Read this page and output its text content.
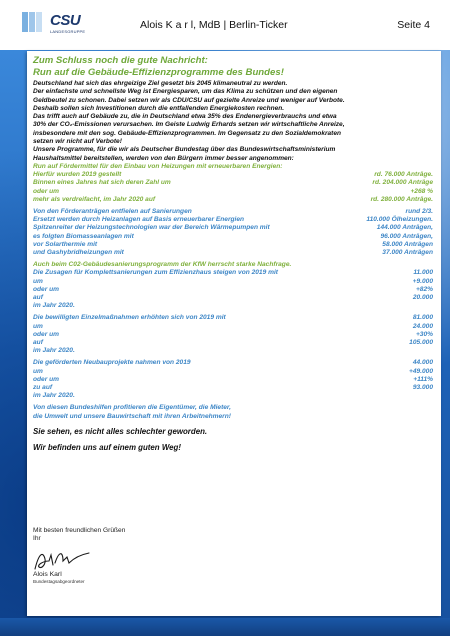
CSU
LANDESGRUPPE
Alois K a r l, MdB | Berlin-Ticker	Seite 4
Zum Schluss noch die gute Nachricht:
Run auf die Gebäude-Effizienzprogramme des Bundes!
Deutschland hat sich das ehrgeizige Ziel gesetzt bis 2045 klimaneutral zu werden.
Der einfachste und schnellste Weg ist Energiesparen, um das Klima zu schützen und den eigenen
Geldbeutel zu schonen. Dabei setzen wir als CDU/CSU auf gezielte Anreize und weniger auf Verbote.
Deshalb sollen sich Investitionen durch die entfallenden Energiekosten rechnen.
Das trifft auch auf Gebäude zu, die in Deutschland etwa 35% des Endenergieverbrauchs und etwa
30% der CO₂-Emissionen verursachen. Im Geiste Ludwig Erhards setzen wir wirtschaftliche Anreize,
insbesondere mit den sog. Gebäude-Effizienzprogrammen. Im Gegensatz zu den Sozialdemokraten
setzen wir nicht auf Verbote!
Unsere Programme, für die wir als Deutscher Bundestag über das Bundeswirtschaftsministerium
Haushaltsmittel bereitstellen, werden von den Bürgern immer besser angenommen:
Run auf Fördermittel für den Einbau von Heizungen mit erneuerbaren Energien:
Hierfür wurden 2019 gestellt	rd. 76.000 Anträge.
Binnen eines Jahres hat sich deren Zahl um	rd. 204.000 Anträge
oder um	+268 %
mehr als verdreifacht, im Jahr 2020 auf	rd. 280.000 Anträge.
Von den Förderanträgen entfielen auf Sanierungen	rund 2/3.
Ersetzt werden durch Heizanlagen auf Basis erneuerbarer Energien	110.000 Ölheizungen.
Spitzenreiter der Heizungstechnologien war der Bereich Wärmepumpen mit	144.000 Anträgen,
es folgten Biomasseanlagen mit	96.000 Anträgen,
vor Solarthermie mit	58.000 Anträgen
und Gashybridheizungen mit	37.000 Anträgen
Auch beim C02-Gebäudesanierungsprogramm der KfW herrscht starke Nachfrage.
Die Zusagen für Komplettsanierungen zum Effizienzhaus steigen von 2019 mit	11.000
um	+9.000
oder um	+82%
auf	20.000
im Jahr 2020.
Die bewilligten Einzelmaßnahmen erhöhten sich von 2019 mit	81.000
um	24.000
oder um	+30%
auf	105.000
im Jahr 2020.
Die geförderten Neubauprojekte nahmen von 2019	44.000
um	+49.000
oder um	+111%
zu auf	93.000
im Jahr 2020.
Von diesen Bundeshilfen profitieren die Eigentümer, die Mieter,
die Umwelt und unsere Bauwirtschaft mit ihren Arbeitnehmern!
Sie sehen, es nicht alles schlechter geworden.
Wir befinden uns auf einem guten Weg!
Mit besten freundlichen Grüßen
Ihr
Alois Karl
Bundestagsabgeordneter
